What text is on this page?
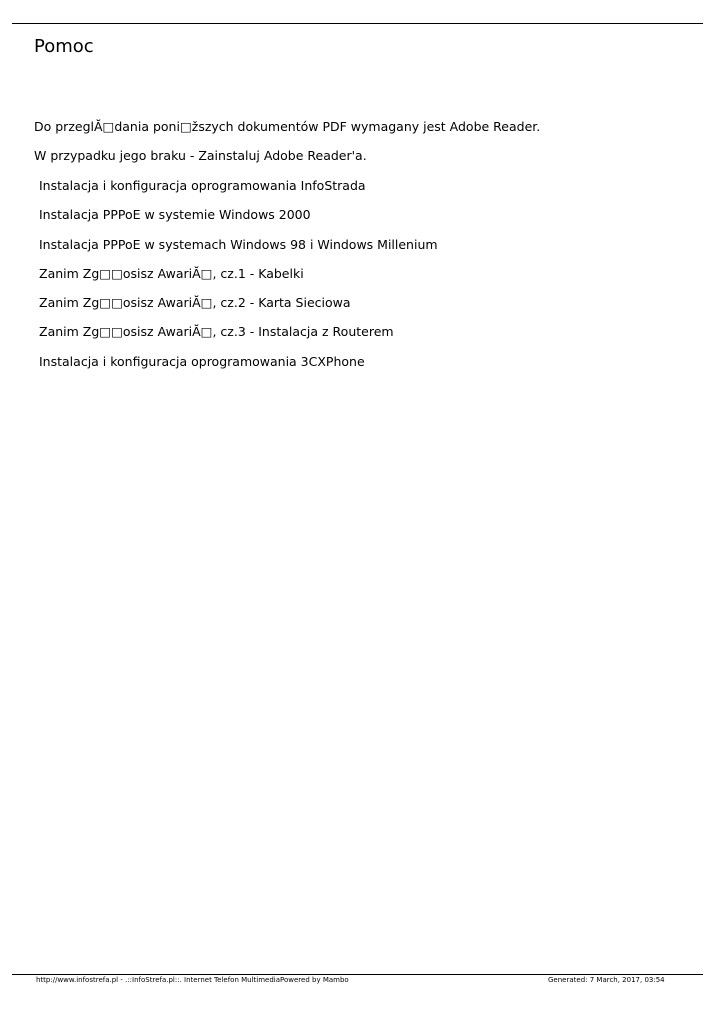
Pomoc

Do przeglĂ□dania poni□žszych dokumentów PDF wymagany jest Adobe Reader.

W przypadku jego braku - Zainstaluj Adobe Reader'a.

Instalacja i konfiguracja oprogramowania InfoStrada
Instalacja PPPoE w systemie Windows 2000
Instalacja PPPoE w systemach Windows 98 i Windows Millenium
Zanim Zg□□osisz AwariĂ□, cz.1 - Kabelki
Zanim Zg□□osisz AwariĂ□, cz.2 - Karta Sieciowa
Zanim Zg□□osisz AwariĂ□, cz.3 - Instalacja z Routerem
Instalacja i konfiguracja oprogramowania 3CXPhone
http://www.infostrefa.pl - .::InfoStrefa.pl::. Internet Telefon MultimediaPowered by Mambo	Generated: 7 March, 2017, 03:54
